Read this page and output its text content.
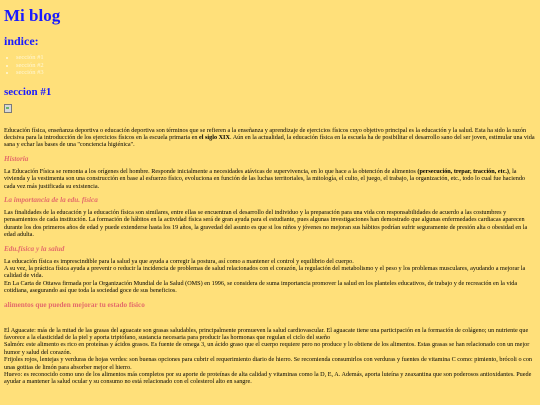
Mi blog
indice:
• sección #1
• sección #2
• sección #3
seccion #1

Educación física, enseñanza deportiva o educación deportiva son términos que se refieren a la enseñanza y aprendizaje de ejercicios físicos cuyo objetivo principal es la educación y la salud. Esta ha sido la razón decisiva para la introducción de los ejercicios físicos en la escuela primaria en el siglo XIX. Aún en la actualidad, la educación física en la escuela ha de posibilitar el desarrollo sano del ser joven, estimular una vida sana y echar las bases de una "conciencia higiénica".

Historia

La Educación Física se remonta a los orígenes del hombre. Responde inicialmente a necesidades atávicas de supervivencia, en lo que hace a la obtención de alimentos (persecución, trepar, tracción, etc.), la vivienda y la vestimenta son una construcción en base al esfuerzo físico, evoluciona en función de las luchas territoriales, la mitología, el culto, el juego, el trabajo, la organización, etc., todo lo cual fue haciendo cada vez más justificada su existencia.

La importancia de la edu. física

Las finalidades de la educación y la educación física son similares, entre ellas se encuentran el desarrollo del individuo y la preparación para una vida con responsabilidades de acuerdo a las costumbres y pensamientos de cada institución. La formación de hábitos en la actividad física será de gran ayuda para el estudiante, pues algunas investigaciones han demostrado que algunas enfermedades cardiacas aparecen durante los dos primeros años de edad y puede extenderse hasta los 19 años, la gravedad del asunto es que si los niños y jóvenes no mejoran sus hábitos podrían sufrir seguramente de presión alta o obesidad en la edad adulta.

Edu.física y la salud

La educación física es imprescindible para la salud ya que ayuda a corregir la postura, así como a mantener el control y equilibrio del cuerpo.
A su vez, la práctica física ayuda a prevenir o reducir la incidencia de problemas de salud relacionados con el corazón, la regulación del metabolismo y el peso y los problemas musculares, ayudando a mejorar la calidad de vida.
En La Carta de Ottawa firmada por la Organización Mundial de la Salud (OMS) en 1996, se considera de suma importancia promover la salud en los planteles educativos, de trabajo y de recreación en la vida cotidiana, asegurando así que toda la sociedad goce de sus beneficios.

alimentos que pueden mejorar tu estado físico

El Aguacate: más de la mitad de las grasas del aguacate son grasas saludables, principalmente promueven la salud cardiovascular. El aguacate tiene una participación en la formación de colágeno; un nutriente que favorece a la elasticidad de la piel y aporta triptófano, sustancia necesaria para producir las hormonas que regulan el ciclo del sueño
Salmón: este alimento es rico en proteínas y ácidos grasos. Es fuente de omega 3, un ácido graso que el cuerpo requiere pero no produce y lo obtiene de los alimentos. Estas grasas se han relacionado con un mejor humor y salud del corazón.
Frijoles rojos, lentejas y verduras de hojas verdes: son buenas opciones para cubrir el requerimiento diario de hierro. Se recomienda consumirlos con verduras y fuentes de vitamina C como: pimiento, brócoli o con unas gotitas de limón para absorber mejor el hierro.
Huevo: es reconocido como uno de los alimentos más completos por su aporte de proteínas de alta calidad y vitaminas como la D, E, A. Además, aporta luteína y zeaxantina que son poderosos antioxidantes. Puede ayudar a mantener la salud ocular y su consumo no está relacionado con el colesterol alto en sangre.
